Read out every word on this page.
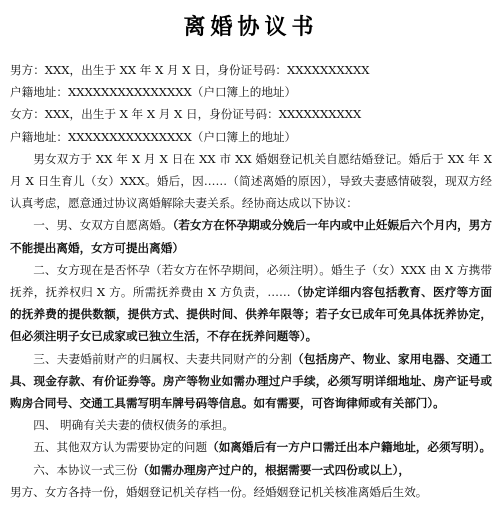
离婚协议书

男方：XXX，出生于 XX 年 X 月 X 日，身份证号码：XXXXXXXXXX

户籍地址：XXXXXXXXXXXXXXX（户口簿上的地址）

女方：XXX，出生于 X 年 X 月 X 日，身份证号码：XXXXXXXXXX

户籍地址：XXXXXXXXXXXXXXX（户口簿上的地址）

男女双方于 XX 年 X 月 X 日在 XX 市 XX 婚姻登记机关自愿结婚登记。婚后于 XX 年 X 月 X 日生育儿（女）XXX。婚后，因……（简述离婚的原因），导致夫妻感情破裂，现双方经认真考虑，愿意通过协议离婚解除夫妻关系。经协商达成以下协议：

一、男、女双方自愿离婚。（若女方在怀孕期或分娩后一年内或中止妊娠后六个月内，男方不能提出离婚，女方可提出离婚）

二、女方现在是否怀孕（若女方在怀孕期间，必须注明）。婚生子（女）XXX 由 X 方携带抚养，抚养权归 X 方。所需抚养费由 X 方负责，……（协定详细内容包括教育、医疗等方面的抚养费的提供数额，提供方式、提供时间、供养年限等；若子女已成年可免具体抚养协定，但必须注明子女已成家或已独立生活，不存在抚养问题等）。

三、夫妻婚前财产的归属权、夫妻共同财产的分割（包括房产、物业、家用电器、交通工具、现金存款、有价证券等。房产等物业如需办理过户手续，必须写明详细地址、房产证号或购房合同号、交通工具需写明车牌号码等信息。如有需要，可咨询律师或有关部门）。

四、 明确有关夫妻的债权债务的承担。

五、其他双方认为需要协定的问题（如离婚后有一方户口需迁出本户籍地址，必须写明）。

六、本协议一式三份（如需办理房产过户的，根据需要一式四份或以上），

男方、女方各持一份，婚姻登记机关存档一份。经婚姻登记机关核准离婚后生效。
